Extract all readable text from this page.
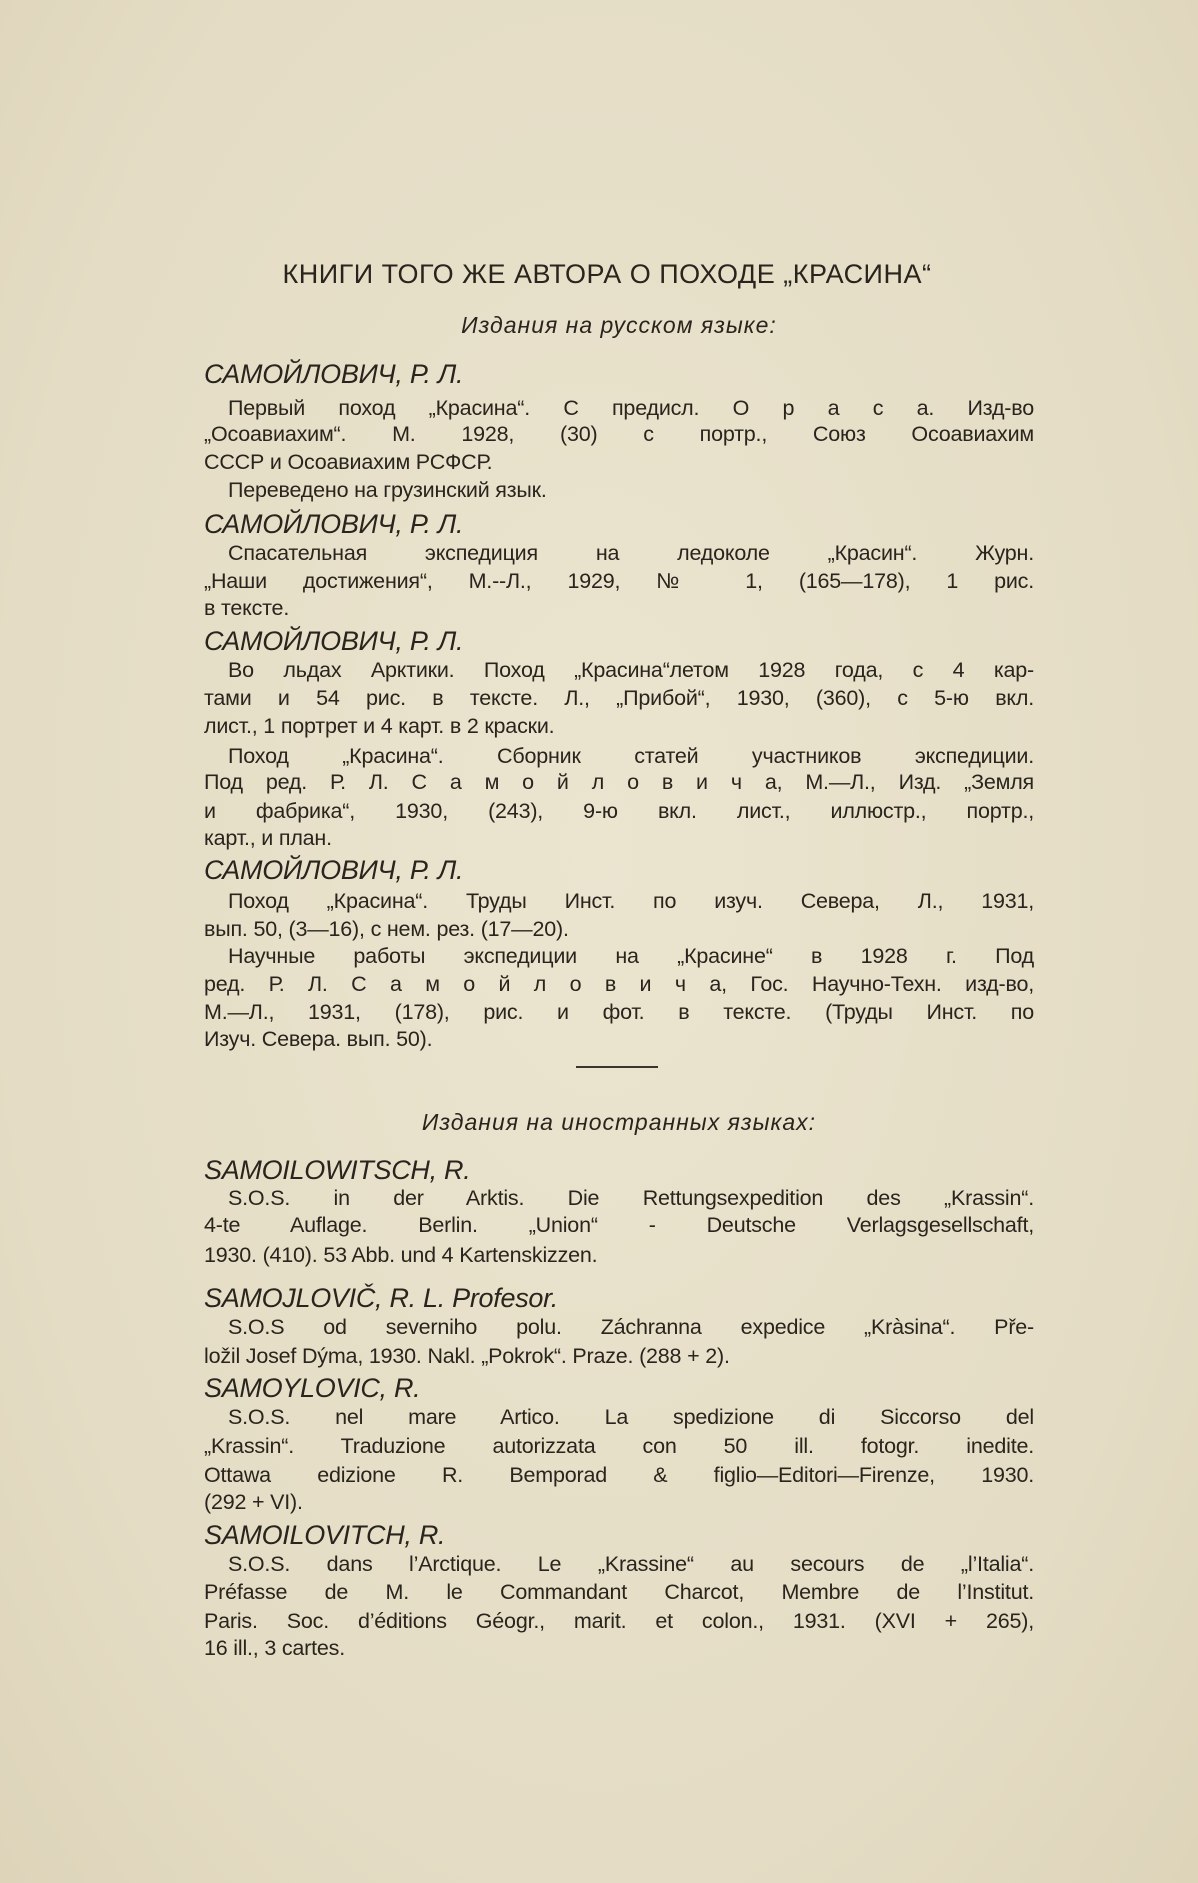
КНИГИ ТОГО ЖЕ АВТОРА О ПОХОДЕ „КРАСИНА“
Издания на русском языке:
САМОЙЛОВИЧ, Р. Л.
Первый поход „Красина“. С предисл. О р а с а. Изд-во
„Осоавиахим“. М. 1928, (30) с портр., Союз Осоавиахим
СССР и Осоавиахим РСФСР.
Переведено на грузинский язык.
САМОЙЛОВИЧ, Р. Л.
Спасательная экспедиция на ледоколе „Красин“. Журн.
„Наши достижения“, М.--Л., 1929, № 1, (165—178), 1 рис.
в тексте.
САМОЙЛОВИЧ, Р. Л.
Во льдах Арктики. Поход „Красина“летом 1928 года, с 4 кар-
тами и 54 рис. в тексте. Л., „Прибой“, 1930, (360), с 5-ю вкл.
лист., 1 портрет и 4 карт. в 2 краски.
Поход „Красина“. Сборник статей участников экспедиции.
Под ред. Р. Л. С а м о й л о в и ч а, М.—Л., Изд. „Земля
и фабрика“, 1930, (243), 9-ю вкл. лист., иллюстр., портр.,
карт., и план.
САМОЙЛОВИЧ, Р. Л.
Поход „Красина“. Труды Инст. по изуч. Севера, Л., 1931,
вып. 50, (3—16), с нем. рез. (17—20).
Научные работы экспедиции на „Красине“ в 1928 г. Под
ред. Р. Л. С а м о й л о в и ч а, Гос. Научно-Техн. изд-во,
М.—Л., 1931, (178), рис. и фот. в тексте. (Труды Инст. по
Изуч. Севера. вып. 50).
Издания на иностранных языках:
SAMOILOWITSCH, R.
S.O.S. in der Arktis. Die Rettungsexpedition des „Krassin“.
4-te Auflage. Berlin. „Union“ - Deutsche Verlagsgesellschaft,
1930. (410). 53 Abb. und 4 Kartenskizzen.
SAMOJLOVIČ, R. L. Profesor.
S.O.S od severniho polu. Záchranna expedice „Kràsina“. Pře-
ložil Josef Dýma, 1930. Nakl. „Pokrok“. Praze. (288 + 2).
SAMOYLOVIC, R.
S.O.S. nel mare Artico. La spedizione di Siccorso del
„Krassin“. Traduzione autorizzata con 50 ill. fotogr. inedite.
Ottawa edizione R. Bemporad & figlio—Editori—Firenze, 1930.
(292 + VI).
SAMOILOVITCH, R.
S.O.S. dans l’Arctique. Le „Krassine“ au secours de „l’Italia“.
Préfasse de M. le Commandant Charcot, Membre de l’Institut.
Paris. Soc. d’éditions Géogr., marit. et colon., 1931. (XVI + 265),
16 ill., 3 cartes.
